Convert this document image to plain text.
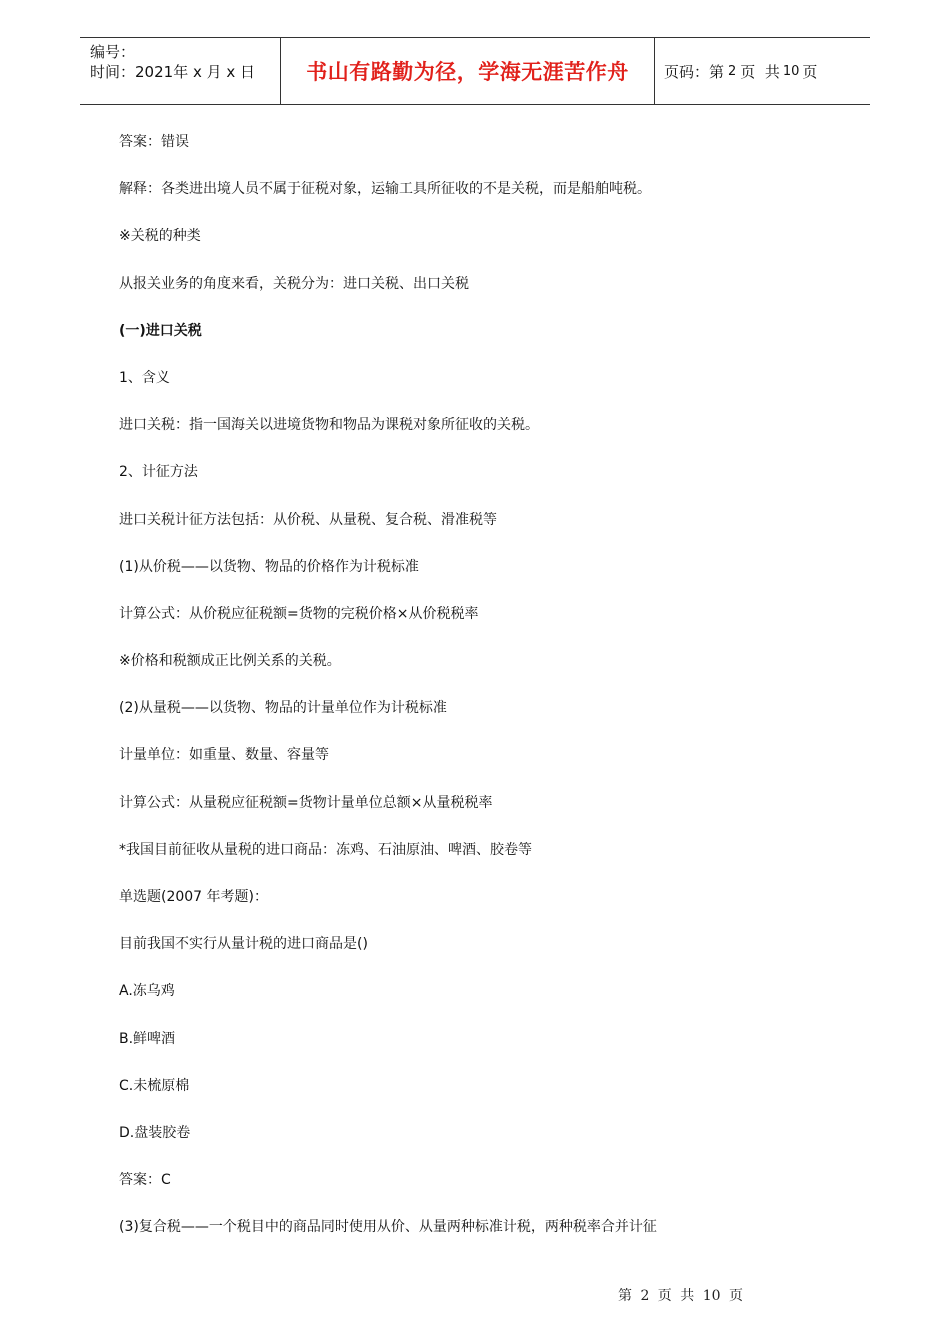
编号：
时间：2021年 x 月 x 日	书山有路勤为径，学海无涯苦作舟 页码：第 2 页  共 10 页
答案：错误
解释：各类进出境人员不属于征税对象，运输工具所征收的不是关税，而是船舶吨税。
※关税的种类
从报关业务的角度来看，关税分为：进口关税、出口关税
(一)进口关税
1、含义
进口关税：指一国海关以进境货物和物品为课税对象所征收的关税。
2、计征方法
进口关税计征方法包括：从价税、从量税、复合税、滑准税等
(1)从价税——以货物、物品的价格作为计税标准
计算公式：从价税应征税额=货物的完税价格×从价税税率
※价格和税额成正比例关系的关税。
(2)从量税——以货物、物品的计量单位作为计税标准
计量单位：如重量、数量、容量等
计算公式：从量税应征税额=货物计量单位总额×从量税税率
*我国目前征收从量税的进口商品：冻鸡、石油原油、啤酒、胶卷等
单选题(2007 年考题)：
目前我国不实行从量计税的进口商品是()
A.冻乌鸡
B.鲜啤酒
C.未梳原棉
D.盘装胶卷
答案：C
(3)复合税——一个税目中的商品同时使用从价、从量两种标准计税，两种税率合并计征
第 2 页 共 10 页
